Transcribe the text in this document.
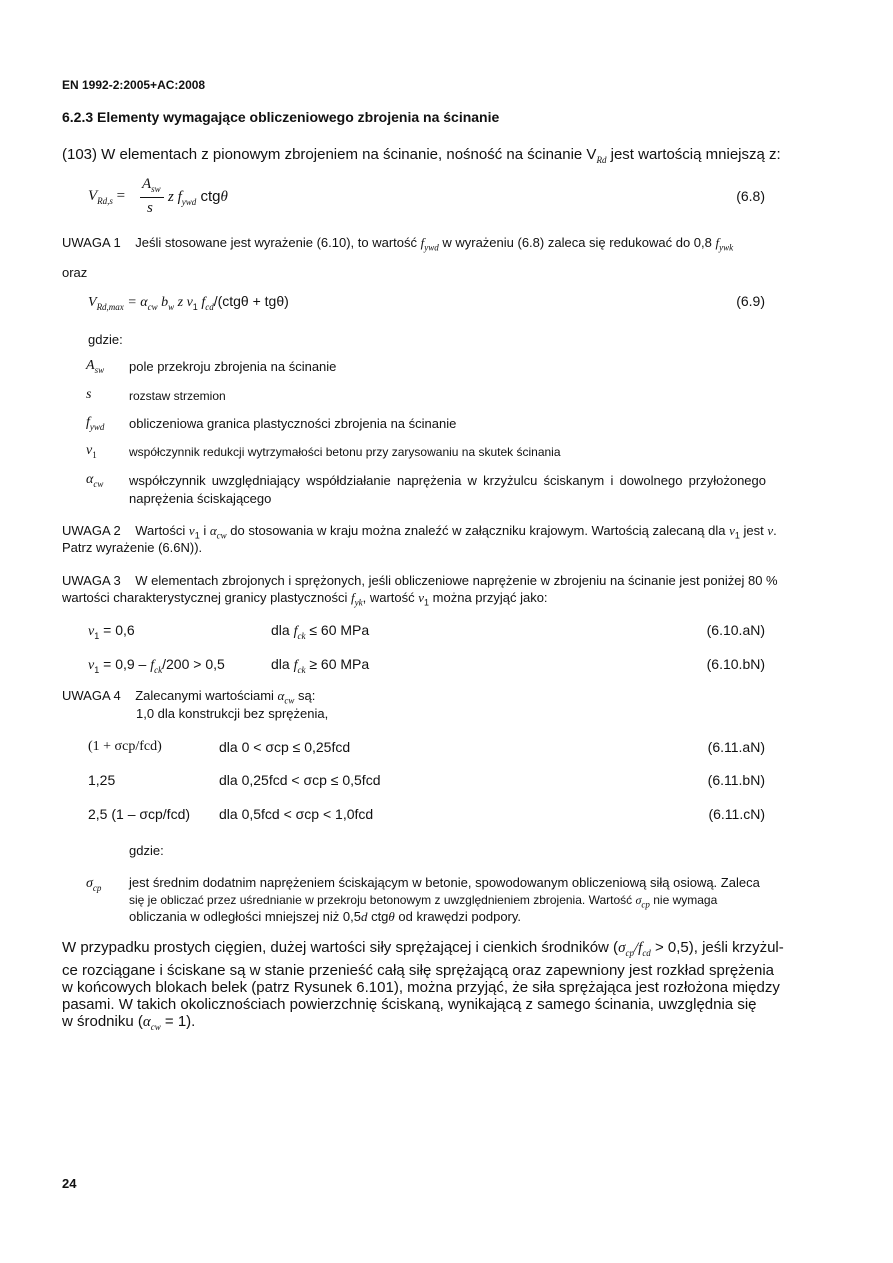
EN 1992-2:2005+AC:2008
6.2.3 Elementy wymagające obliczeniowego zbrojenia na ścinanie
(103) W elementach z pionowym zbrojeniem na ścinanie, nośność na ścinanie $V_{Rd}$ jest wartością mniejszą z:
$V_{Rd,s}$ =
$A_{sw}$
s
z $f_{ywd}$ ctgθ	(6.8)
UWAGA 1 Jeśli stosowane jest wyrażenie (6.10), to wartość $f_{ywd}$ w wyrażeniu (6.8) zaleca się redukować do 0,8 $f_{ywk}$
oraz
$V_{Rd,max} = \alpha_{cw}$ $b_w$ z $\nu_1$ $f_{cd}/(ctg\theta + tg\theta)$	(6.9)
gdzie:
$A_{sw}$ pole przekroju zbrojenia na ścinanie
s	rozstaw strzemion
$f_{ywd}$ obliczeniowa granica plastyczności zbrojenia na ścinanie
$\nu_1$	współczynnik redukcji wytrzymałości betonu przy zarysowaniu na skutek ścinania
$\alpha_{cw}$ współczynnik uwzględniający współdziałanie naprężenia w krzyżulcu ściskanym i dowolnego przyłożonego naprężenia ściskającego
UWAGA 2 Wartości $\nu_1$ i $\alpha_{cw}$ do stosowania w kraju można znaleźć w załączniku krajowym. Wartością zalecaną dla $\nu_1$ jest ν.
Patrz wyrażenie (6.6N)).
UWAGA 3 W elementach zbrojonych i sprężonych, jeśli obliczeniowe naprężenie w zbrojeniu na ścinanie jest poniżej 80 %
wartości charakterystycznej granicy plastyczności $f_{yk}$, wartość $\nu_1$ można przyjąć jako:
$\nu_1 = 0,6$	dla $f_{ck} \le 60$ MPa	(6.10.aN)
$\nu_1 = 0,9 - f_{ck}/200 > 0,5$	dla $f_{ck} \ge 60$ MPa	(6.10.bN)
UWAGA 4 Zalecanymi wartościami $\alpha_{cw}$ są:
1,0 dla konstrukcji bez sprężenia,
(1 + σcp/fcd)	dla 0 < σcp ≤ 0,25fcd	(6.11.aN)
1,25	dla 0,25fcd < σcp ≤ 0,5fcd	(6.11.bN)
2,5 (1 – σcp/fcd) dla 0,5fcd < σcp < 1,0fcd	(6.11.cN)
gdzie:
$\sigma_{cp}$ jest średnim dodatnim naprężeniem ściskającym w betonie, spowodowanym obliczeniową siłą osiową. Zaleca
się je obliczać przez uśrednianie w przekroju betonowym z uwzględnieniem zbrojenia. Wartość $\sigma_{cp}$ nie wymaga
obliczania w odległości mniejszej niż 0,5d ctgθ od krawędzi podpory.
W przypadku prostych cięgien, dużej wartości siły sprężającej i cienkich środników $(\sigma_{cp}/f_{cd} > 0,5)$, jeśli krzyżul-
ce rozciągane i ściskane są w stanie przenieść całą siłę sprężającą oraz zapewniony jest rozkład sprężenia
w końcowych blokach belek (patrz Rysunek 6.101), można przyjąć, że siła sprężająca jest rozłożona między
pasami. W takich okolicznościach powierzchnię ściskaną, wynikającą z samego ścinania, uwzględnia się
w środniku $(\alpha_{cw} = 1)$.
24
